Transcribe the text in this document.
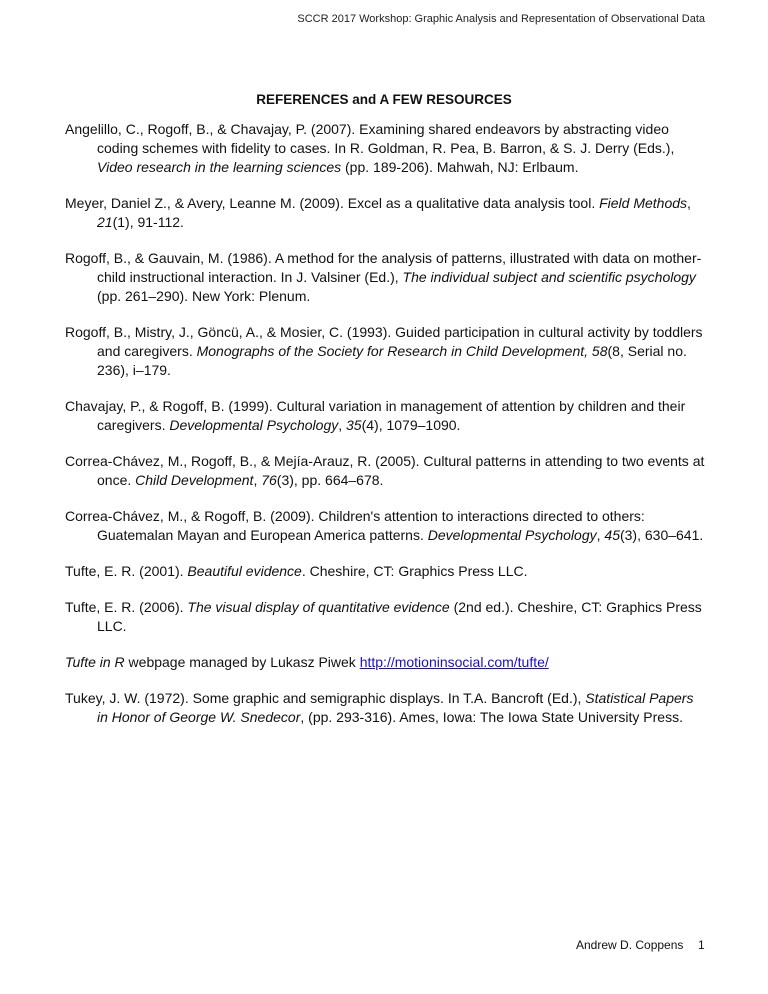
SCCR 2017 Workshop: Graphic Analysis and Representation of Observational Data
REFERENCES and A FEW RESOURCES

Angelillo, C., Rogoff, B., & Chavajay, P. (2007). Examining shared endeavors by abstracting video coding schemes with fidelity to cases. In R. Goldman, R. Pea, B. Barron, & S. J. Derry (Eds.), Video research in the learning sciences (pp. 189-206). Mahwah, NJ: Erlbaum.

Meyer, Daniel Z., & Avery, Leanne M. (2009). Excel as a qualitative data analysis tool. Field Methods, 21(1), 91-112.

Rogoff, B., & Gauvain, M. (1986). A method for the analysis of patterns, illustrated with data on mother-child instructional interaction. In J. Valsiner (Ed.), The individual subject and scientific psychology (pp. 261–290). New York: Plenum.

Rogoff, B., Mistry, J., Göncü, A., & Mosier, C. (1993). Guided participation in cultural activity by toddlers and caregivers. Monographs of the Society for Research in Child Development, 58(8, Serial no. 236), i–179.

Chavajay, P., & Rogoff, B. (1999). Cultural variation in management of attention by children and their caregivers. Developmental Psychology, 35(4), 1079–1090.

Correa-Chávez, M., Rogoff, B., & Mejía-Arauz, R. (2005). Cultural patterns in attending to two events at once. Child Development, 76(3), pp. 664–678.

Correa-Chávez, M., & Rogoff, B. (2009). Children's attention to interactions directed to others: Guatemalan Mayan and European America patterns. Developmental Psychology, 45(3), 630–641.

Tufte, E. R. (2001). Beautiful evidence. Cheshire, CT: Graphics Press LLC.

Tufte, E. R. (2006). The visual display of quantitative evidence (2nd ed.). Cheshire, CT: Graphics Press LLC.

Tufte in R webpage managed by Lukasz Piwek http://motioninsocial.com/tufte/

Tukey, J. W. (1972). Some graphic and semigraphic displays. In T.A. Bancroft (Ed.), Statistical Papers in Honor of George W. Snedecor, (pp. 293-316). Ames, Iowa: The Iowa State University Press.

Andrew D. Coppens 1
